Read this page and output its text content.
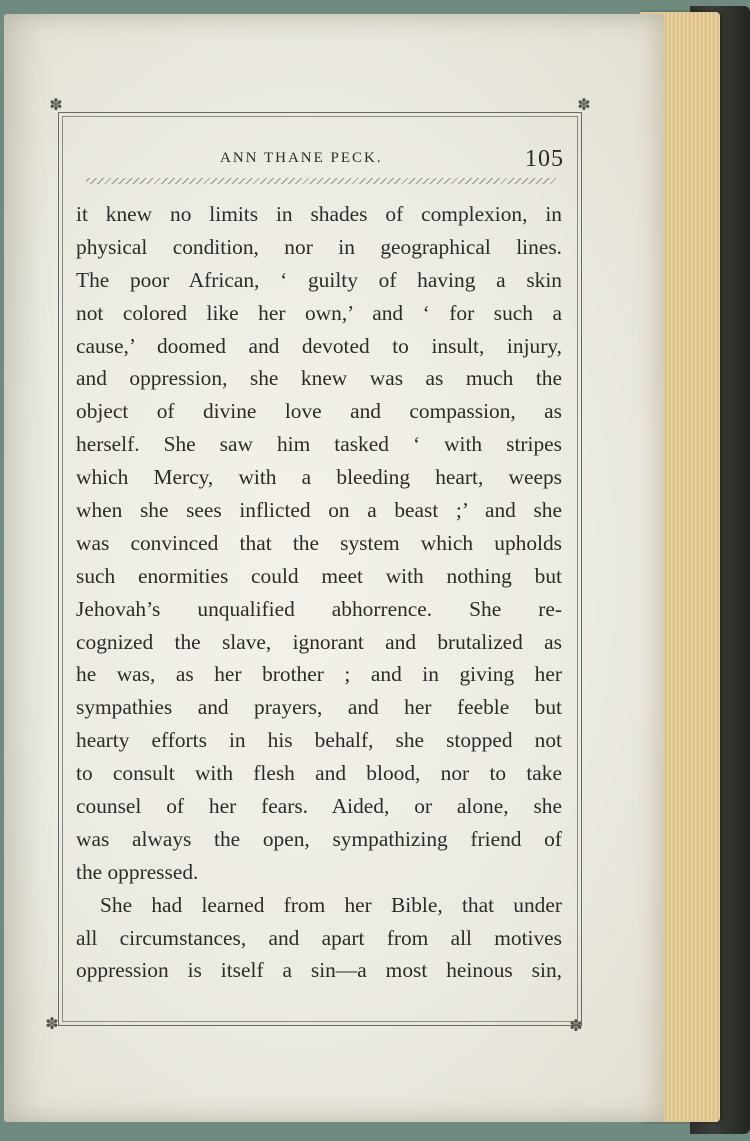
✽	✽
✽	✽
ANN THANE PECK.	105
it knew no limits in shades of complexion, in
physical condition, nor in geographical lines.
The poor African, ‘ guilty of having a skin
not colored like her own,’ and ‘ for such a
cause,’ doomed and devoted to insult, injury,
and oppression, she knew was as much the
object of divine love and compassion, as
herself. She saw him tasked ‘ with stripes
which Mercy, with a bleeding heart, weeps
when she sees inflicted on a beast ;’ and she
was convinced that the system which upholds
such enormities could meet with nothing but
Jehovah’s unqualified abhorrence. She re-
cognized the slave, ignorant and brutalized as
he was, as her brother ; and in giving her
sympathies and prayers, and her feeble but
hearty efforts in his behalf, she stopped not
to consult with flesh and blood, nor to take
counsel of her fears. Aided, or alone, she
was always the open, sympathizing friend of
the oppressed.
She had learned from her Bible, that under
all circumstances, and apart from all motives
oppression is itself a sin—a most heinous sin,
